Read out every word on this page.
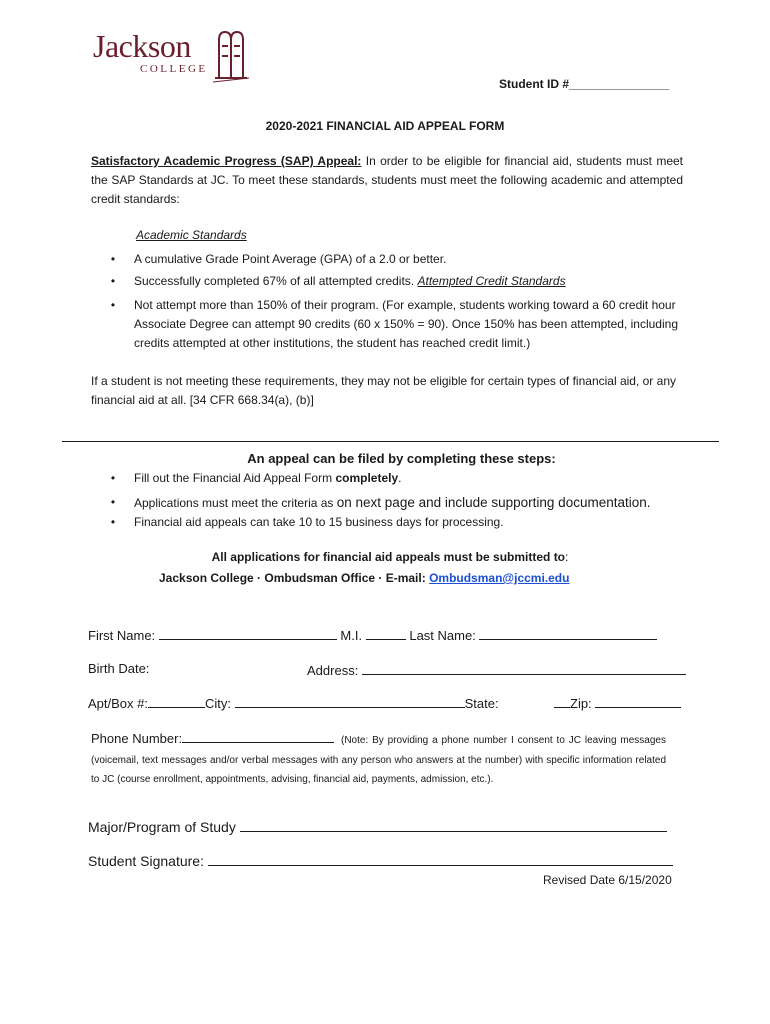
Jackson
COLLEGE
Student ID #_______________
2020-2021 FINANCIAL AID APPEAL FORM
Satisfactory Academic Progress (SAP) Appeal: In order to be eligible for financial aid, students must meet the SAP Standards at JC. To meet these standards, students must meet the following academic and attempted credit standards:
Academic Standards
• A cumulative Grade Point Average (GPA) of a 2.0 or better.
• Successfully completed 67% of all attempted credits. Attempted Credit Standards
• Not attempt more than 150% of their program. (For example, students working toward a 60 credit hour Associate Degree can attempt 90 credits (60 x 150% = 90). Once 150% has been attempted, including credits attempted at other institutions, the student has reached credit limit.)
If a student is not meeting these requirements, they may not be eligible for certain types of financial aid, or any financial aid at all. [34 CFR 668.34(a), (b)]
An appeal can be filed by completing these steps:
• Fill out the Financial Aid Appeal Form completely.
• Applications must meet the criteria as on next page and include supporting documentation.
• Financial aid appeals can take 10 to 15 business days for processing.
All applications for financial aid appeals must be submitted to:
Jackson College · Ombudsman Office · E-mail: Ombudsman@jccmi.edu
First Name:	M.I.	Last Name:
Birth Date:	Address:
Apt/Box #:	City:	State:	Zip:
Phone Number:	(Note: By providing a phone number I consent to JC leaving messages (voicemail, text messages and/or verbal messages with any person who answers at the number) with specific information related to JC (course enrollment, appointments, advising, financial aid, payments, admission, etc.).
Major/Program of Study
Student Signature:
Revised Date 6/15/2020
